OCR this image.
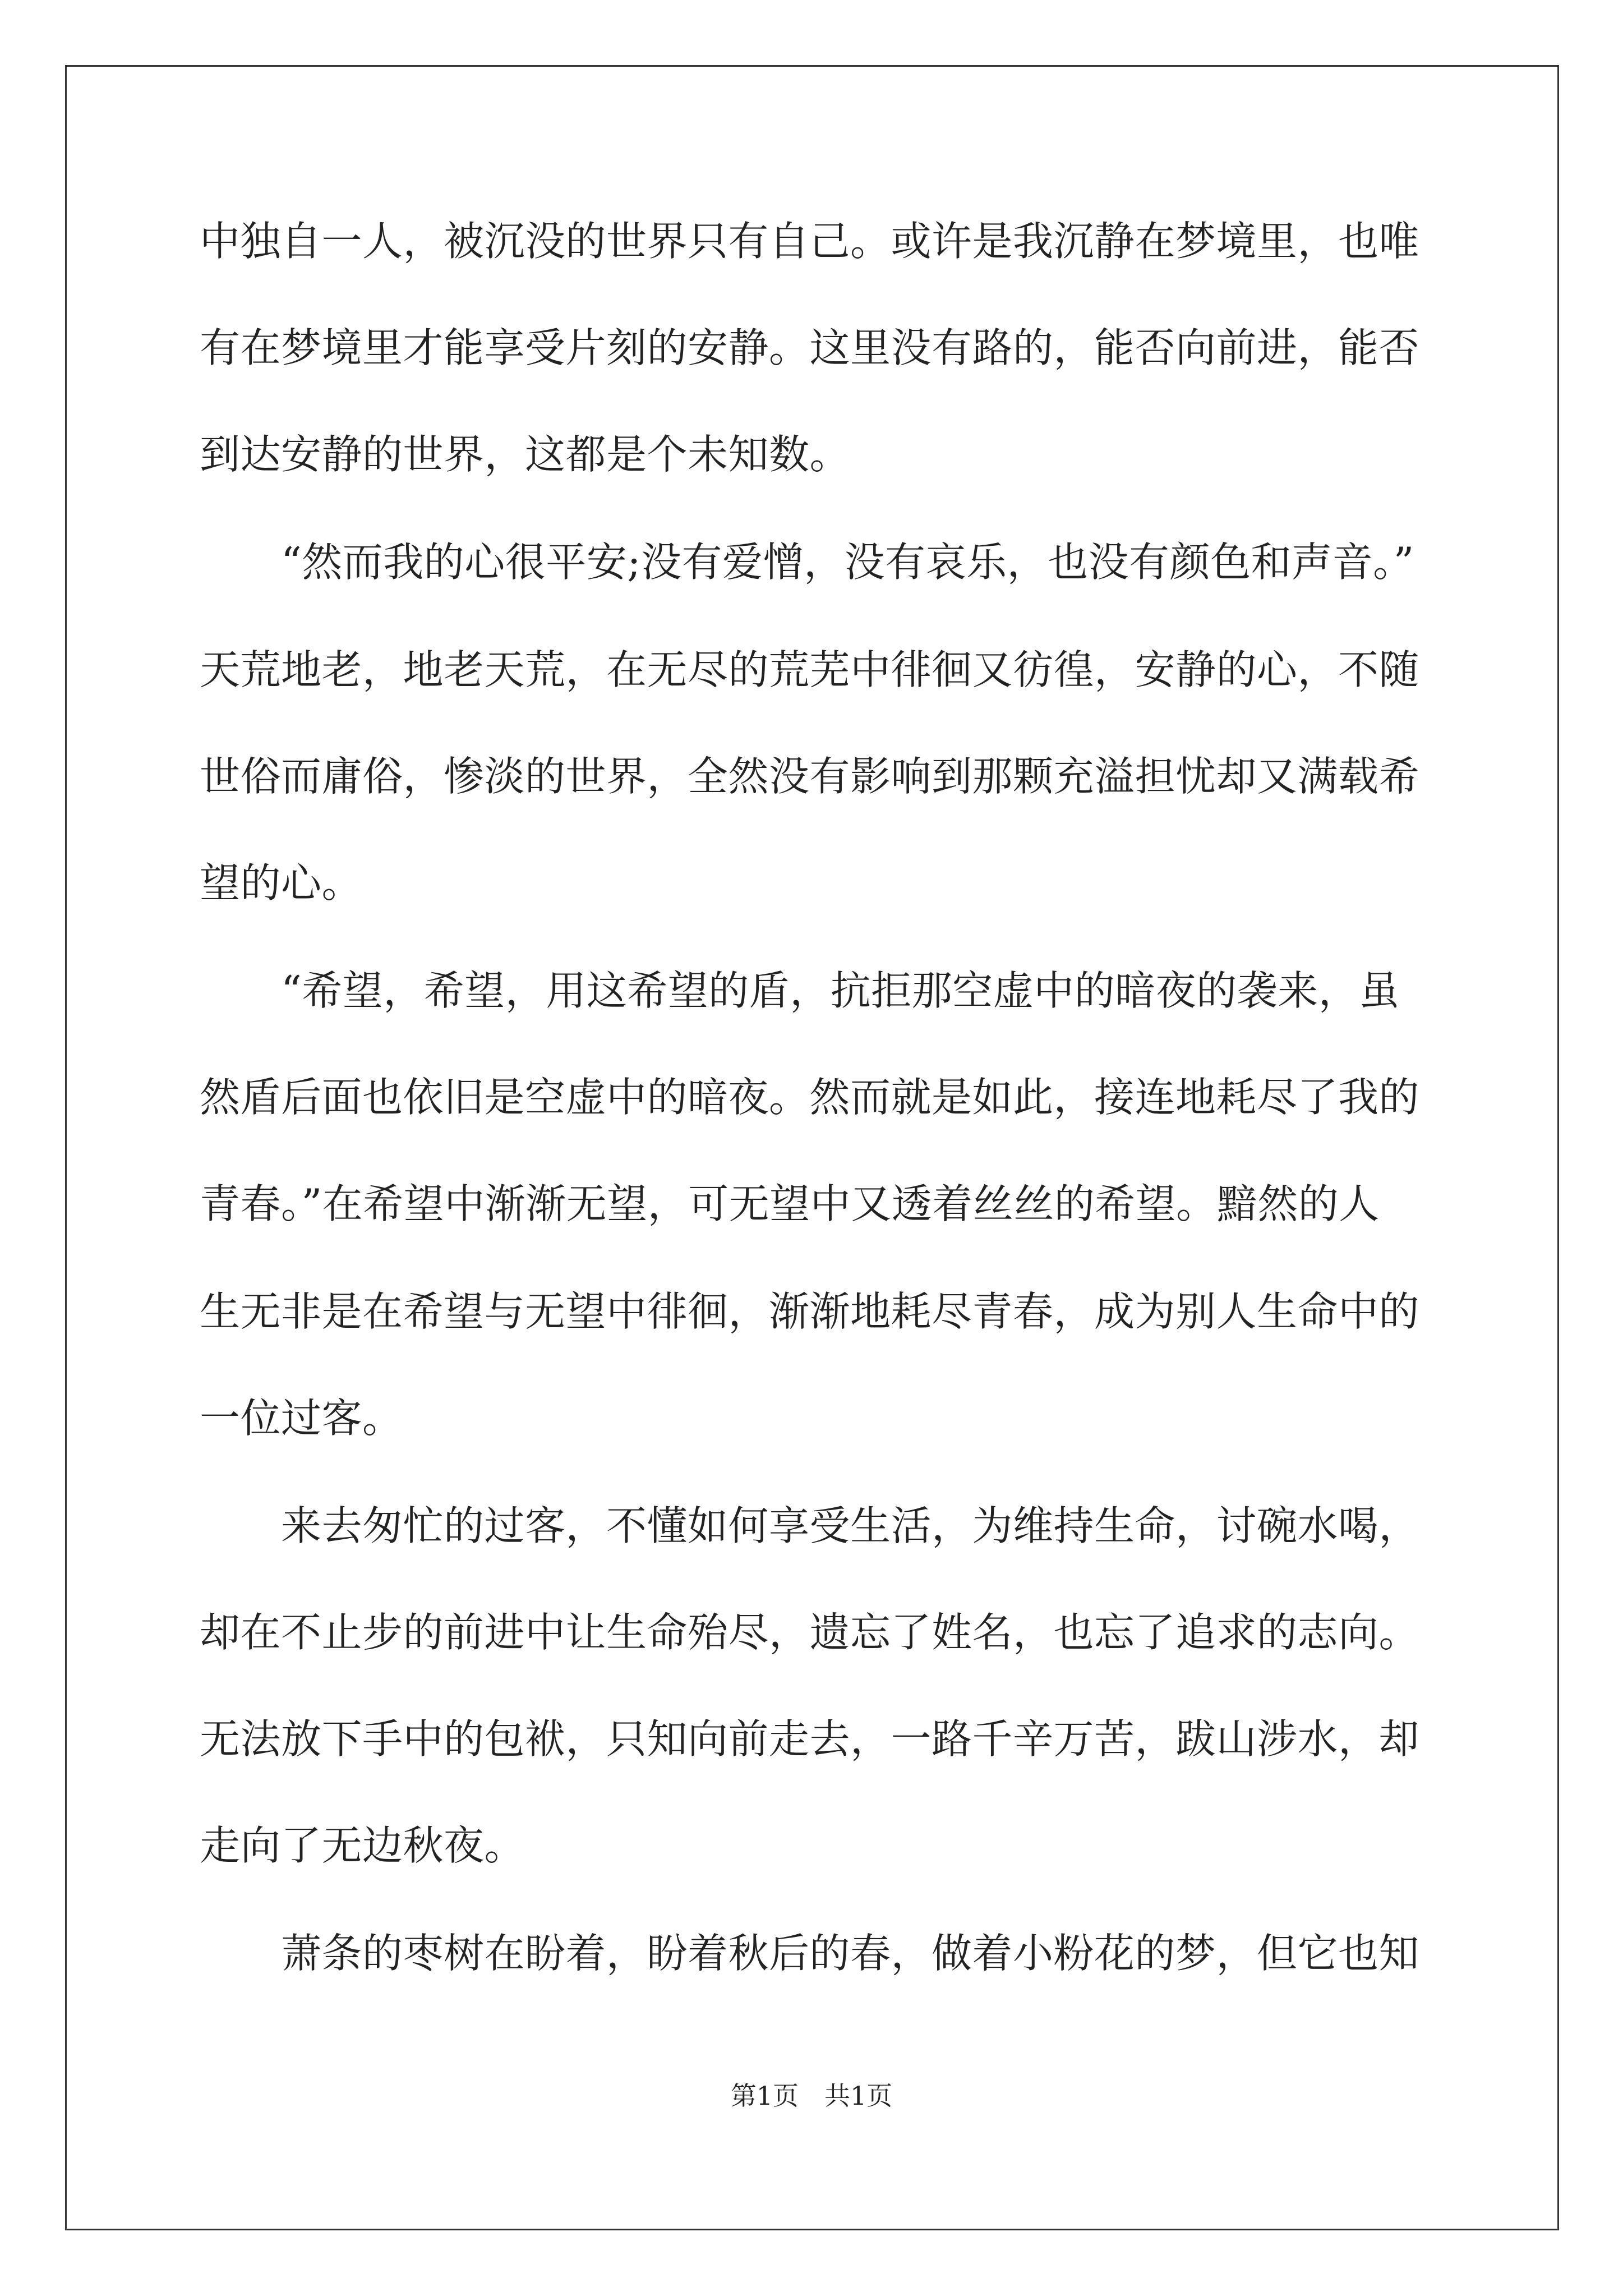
中独自一人，被沉没的世界只有自己。或许是我沉静在梦境里，也唯

有在梦境里才能享受片刻的安静。这里没有路的，能否向前进，能否

到达安静的世界，这都是个未知数。

　　“然而我的心很平安;没有爱憎，没有哀乐，也没有颜色和声音。”

天荒地老，地老天荒，在无尽的荒芜中徘徊又彷徨，安静的心，不随

世俗而庸俗，惨淡的世界，全然没有影响到那颗充溢担忧却又满载希

望的心。

　　“希望，希望，用这希望的盾，抗拒那空虚中的暗夜的袭来，虽

然盾后面也依旧是空虚中的暗夜。然而就是如此，接连地耗尽了我的

青春。”在希望中渐渐无望，可无望中又透着丝丝的希望。黯然的人

生无非是在希望与无望中徘徊，渐渐地耗尽青春，成为别人生命中的

一位过客。

　　来去匆忙的过客，不懂如何享受生活，为维持生命，讨碗水喝，

却在不止步的前进中让生命殆尽，遗忘了姓名，也忘了追求的志向。

无法放下手中的包袱，只知向前走去，一路千辛万苦，跋山涉水，却

走向了无边秋夜。

　　萧条的枣树在盼着，盼着秋后的春，做着小粉花的梦，但它也知

第1页　共1页
